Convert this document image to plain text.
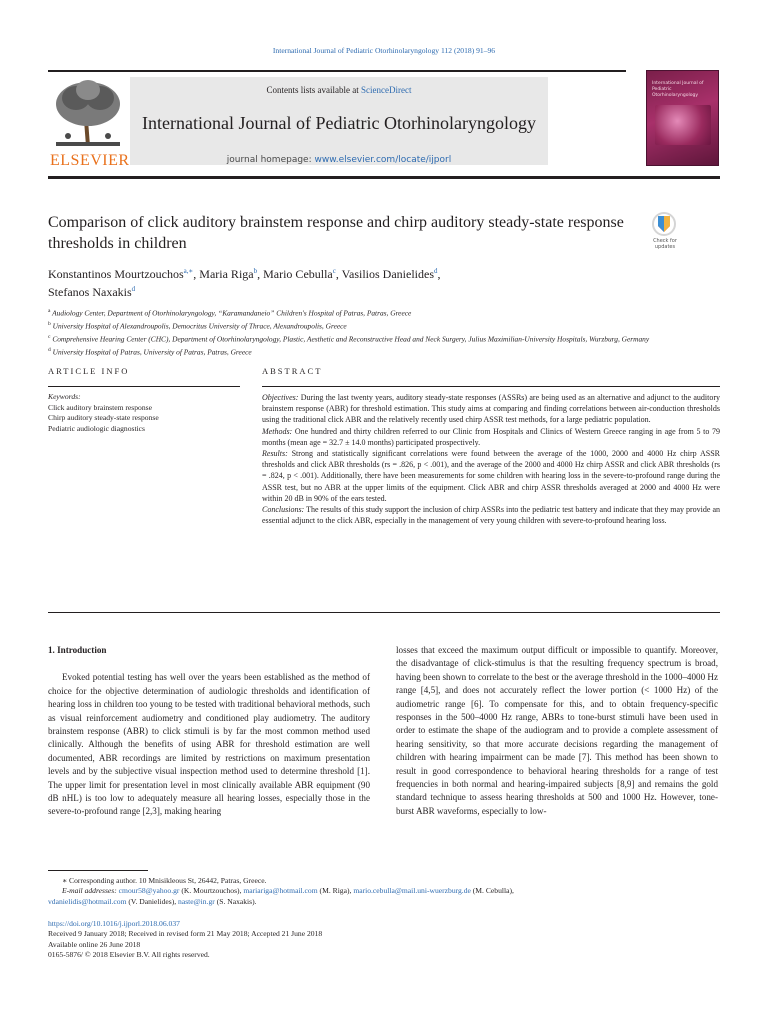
International Journal of Pediatric Otorhinolaryngology 112 (2018) 91–96
ELSEVIER
Contents lists available at ScienceDirect
International Journal of Pediatric Otorhinolaryngology
journal homepage: www.elsevier.com/locate/ijporl
International Journal of Pediatric Otorhinolaryngology
Comparison of click auditory brainstem response and chirp auditory steady-state response thresholds in children	Check for updates
Konstantinos Mourtzouchos$^{a,∗}$, Maria Riga$^b$, Mario Cebulla$^c$, Vasilios Danielides$^d$,
Stefanos Naxakis$^d$
$^a$ Audiology Center, Department of Otorhinolaryngology, “Karamandaneio” Children's Hospital of Patras, Patras, Greece
$^b$ University Hospital of Alexandroupolis, Democritus University of Thrace, Alexandroupolis, Greece
$^c$ Comprehensive Hearing Center (CHC), Department of Otorhinolaryngology, Plastic, Aesthetic and Reconstructive Head and Neck Surgery, Julius Maximilian-University Hospitals, Wurzburg, Germany
$^d$ University Hospital of Patras, University of Patras, Patras, Greece
ARTICLE INFO	ABSTRACT
Keywords:
Click auditory brainstem response
Chirp auditory steady-state response
Pediatric audiologic diagnostics

Objectives: During the last twenty years, auditory steady-state responses (ASSRs) are being used as an alternative and adjunct to the auditory brainstem response (ABR) for threshold estimation. This study aims at comparing and finding correlations between air-conduction thresholds using the traditional click ABR and the relatively recently used chirp ASSR test methods, for a large pediatric population.

Methods: One hundred and thirty children referred to our Clinic from Hospitals and Clinics of Western Greece ranging in age from 5 to 79 months (mean age = 32.7 ± 14.0 months) participated prospectively.

Results: Strong and statistically significant correlations were found between the average of the 1000, 2000 and 4000 Hz chirp ASSR thresholds and click ABR thresholds (rs = .826, p < .001), and the average of the 2000 and 4000 Hz chirp ASSR and click ABR thresholds (rs = .824, p < .001). Additionally, there have been measurements for some children with hearing loss in the severe-to-profound range during the ASSR test, but no ABR at the upper limits of the equipment. Click ABR and chirp ASSR thresholds averaged at 2000 and 4000 Hz were within 20 dB in 90% of the ears tested.

Conclusions: The results of this study support the inclusion of chirp ASSRs into the pediatric test battery and indicate that they may provide an essential adjunct to the click ABR, especially in the management of very young children with severe-to-profound hearing loss.

1. Introduction

Evoked potential testing has well over the years been established as the method of choice for the objective determination of audiologic thresholds and identification of hearing loss in children too young to be tested with traditional behavioral methods, such as visual reinforcement audiometry and conditioned play audiometry. The auditory brainstem response (ABR) to click stimuli is by far the most common method used clinically. Although the benefits of using ABR for threshold estimation are well documented, ABR recordings are limited by restrictions on maximum presentation levels and by the subjective visual inspection method used to determine threshold [1]. The upper limit for presentation level in most clinically available ABR equipment (90 dB nHL) is too low to adequately measure all hearing losses, especially those in the severe-to-profound range [2,3], making hearing

losses that exceed the maximum output difficult or impossible to quantify. Moreover, the disadvantage of click-stimulus is that the resulting frequency spectrum is broad, having been shown to correlate to the best or the average threshold in the 1000–4000 Hz range [4,5], and does not accurately reflect the lower portion (< 1000 Hz) of the audiometric range [6]. To compensate for this, and to obtain frequency-specific responses in the 500–4000 Hz range, ABRs to tone-burst stimuli have been used in order to estimate the shape of the audiogram and to provide a complete assessment of hearing sensitivity, so that more accurate decisions regarding the management of children with hearing impairment can be made [7]. This method has been shown to result in good correspondence to behavioral hearing thresholds for a range of test frequencies in both normal and hearing-impaired subjects [8,9] and remains the gold standard technique to assess hearing thresholds at 500 and 1000 Hz. However, tone-burst ABR waveforms, especially to low-

∗ Corresponding author. 10 Mnisikleous St, 26442, Patras, Greece.
E-mail addresses: cmour58@yahoo.gr (K. Mourtzouchos), mariariga@hotmail.com (M. Riga), mario.cebulla@mail.uni-wuerzburg.de (M. Cebulla),
vdanielidis@hotmail.com (V. Danielides), naste@in.gr (S. Naxakis).
https://doi.org/10.1016/j.ijporl.2018.06.037
Received 9 January 2018; Received in revised form 21 May 2018; Accepted 21 June 2018
Available online 26 June 2018
0165-5876/ © 2018 Elsevier B.V. All rights reserved.
